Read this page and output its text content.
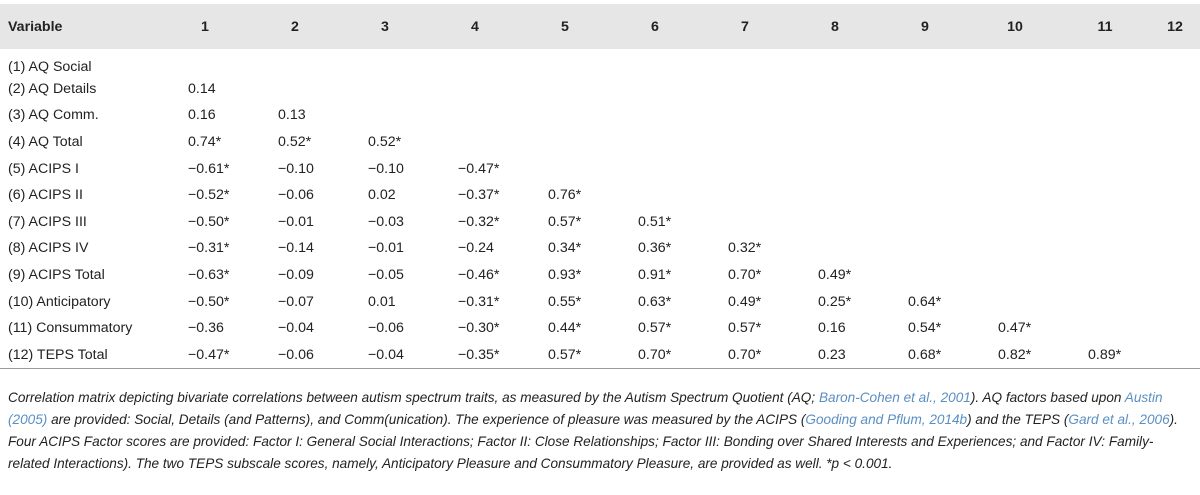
Variable	1	2	3	4	5	6	7	8	9	10	11	12
(1) AQ Social												
(2) AQ Details	0.14											
(3) AQ Comm.	0.16	0.13										
(4) AQ Total	0.74*	0.52*	0.52*									
(5) ACIPS I	−0.61*	−0.10	−0.10	−0.47*								
(6) ACIPS II	−0.52*	−0.06	0.02	−0.37*	0.76*							
(7) ACIPS III	−0.50*	−0.01	−0.03	−0.32*	0.57*	0.51*						
(8) ACIPS IV	−0.31*	−0.14	−0.01	−0.24	0.34*	0.36*	0.32*					
(9) ACIPS Total	−0.63*	−0.09	−0.05	−0.46*	0.93*	0.91*	0.70*	0.49*				
(10) Anticipatory	−0.50*	−0.07	0.01	−0.31*	0.55*	0.63*	0.49*	0.25*	0.64*			
(11) Consummatory	−0.36	−0.04	−0.06	−0.30*	0.44*	0.57*	0.57*	0.16	0.54*	0.47*		
(12) TEPS Total	−0.47*	−0.06	−0.04	−0.35*	0.57*	0.70*	0.70*	0.23	0.68*	0.82*	0.89*	
Correlation matrix depicting bivariate correlations between autism spectrum traits, as measured by the Autism Spectrum Quotient (AQ; Baron-Cohen et al., 2001). AQ factors based upon Austin (2005) are provided: Social, Details (and Patterns), and Comm(unication). The experience of pleasure was measured by the ACIPS (Gooding and Pflum, 2014b) and the TEPS (Gard et al., 2006). Four ACIPS Factor scores are provided: Factor I: General Social Interactions; Factor II: Close Relationships; Factor III: Bonding over Shared Interests and Experiences; and Factor IV: Family-related Interactions). The two TEPS subscale scores, namely, Anticipatory Pleasure and Consummatory Pleasure, are provided as well. *p < 0.001.
